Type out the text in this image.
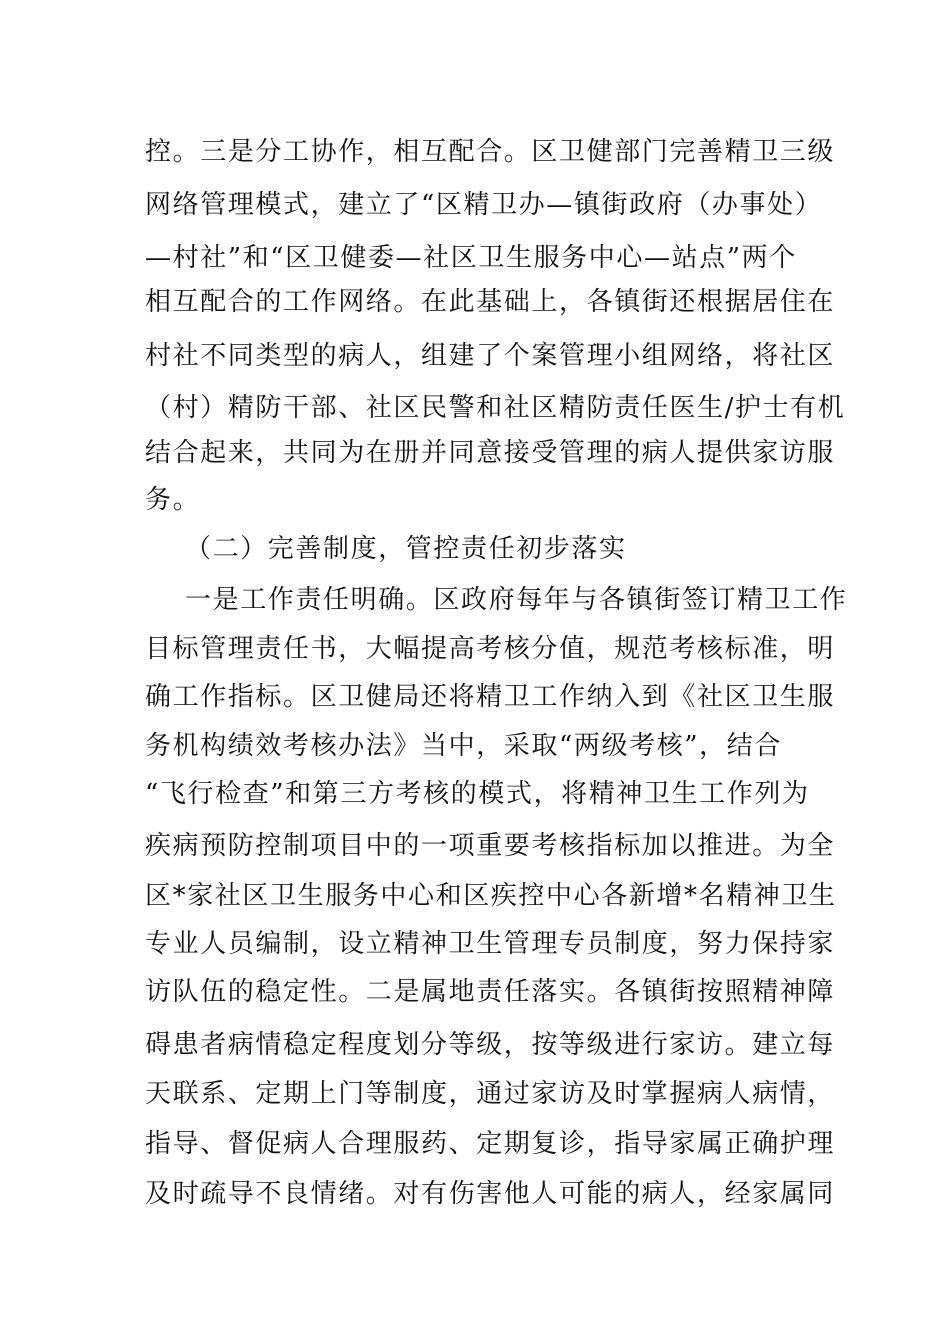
控。三是分工协作，相互配合。区卫健部门完善精卫三级
网络管理模式，建立了“区精卫办—镇街政府（办事处）
—村社”和“区卫健委—社区卫生服务中心—站点”两个
相互配合的工作网络。在此基础上，各镇街还根据居住在
村社不同类型的病人，组建了个案管理小组网络，将社区
（村）精防干部、社区民警和社区精防责任医生/护士有机
结合起来，共同为在册并同意接受管理的病人提供家访服
务。
（二）完善制度，管控责任初步落实
一是工作责任明确。区政府每年与各镇街签订精卫工作
目标管理责任书，大幅提高考核分值，规范考核标准，明
确工作指标。区卫健局还将精卫工作纳入到《社区卫生服
务机构绩效考核办法》当中，采取“两级考核”，结合
“飞行检查”和第三方考核的模式，将精神卫生工作列为
疾病预防控制项目中的一项重要考核指标加以推进。为全
区*家社区卫生服务中心和区疾控中心各新增*名精神卫生
专业人员编制，设立精神卫生管理专员制度，努力保持家
访队伍的稳定性。二是属地责任落实。各镇街按照精神障
碍患者病情稳定程度划分等级，按等级进行家访。建立每
天联系、定期上门等制度，通过家访及时掌握病人病情，
指导、督促病人合理服药、定期复诊，指导家属正确护理
及时疏导不良情绪。对有伤害他人可能的病人，经家属同
